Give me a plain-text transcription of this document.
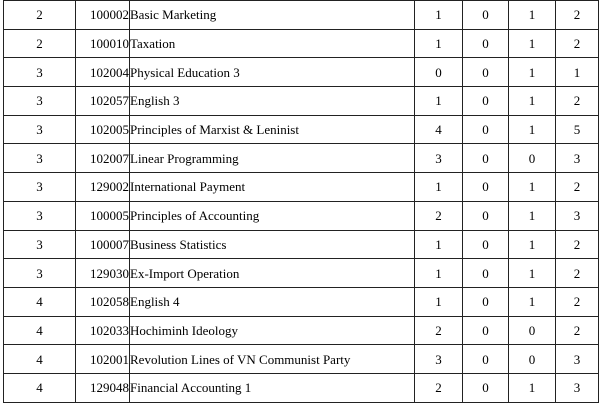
2	100002	Basic Marketing	1	0	1	2
2	100010	Taxation	1	0	1	2
3	102004	Physical Education 3	0	0	1	1
3	102057	English 3	1	0	1	2
3	102005	Principles of Marxist & Leninist	4	0	1	5
3	102007	Linear Programming	3	0	0	3
3	129002	International Payment	1	0	1	2
3	100005	Principles of Accounting	2	0	1	3
3	100007	Business Statistics	1	0	1	2
3	129030	Ex-Import Operation	1	0	1	2
4	102058	English 4	1	0	1	2
4	102033	Hochiminh Ideology	2	0	0	2
4	102001	Revolution Lines of VN Communist Party	3	0	0	3
4	129048	Financial Accounting 1	2	0	1	3
